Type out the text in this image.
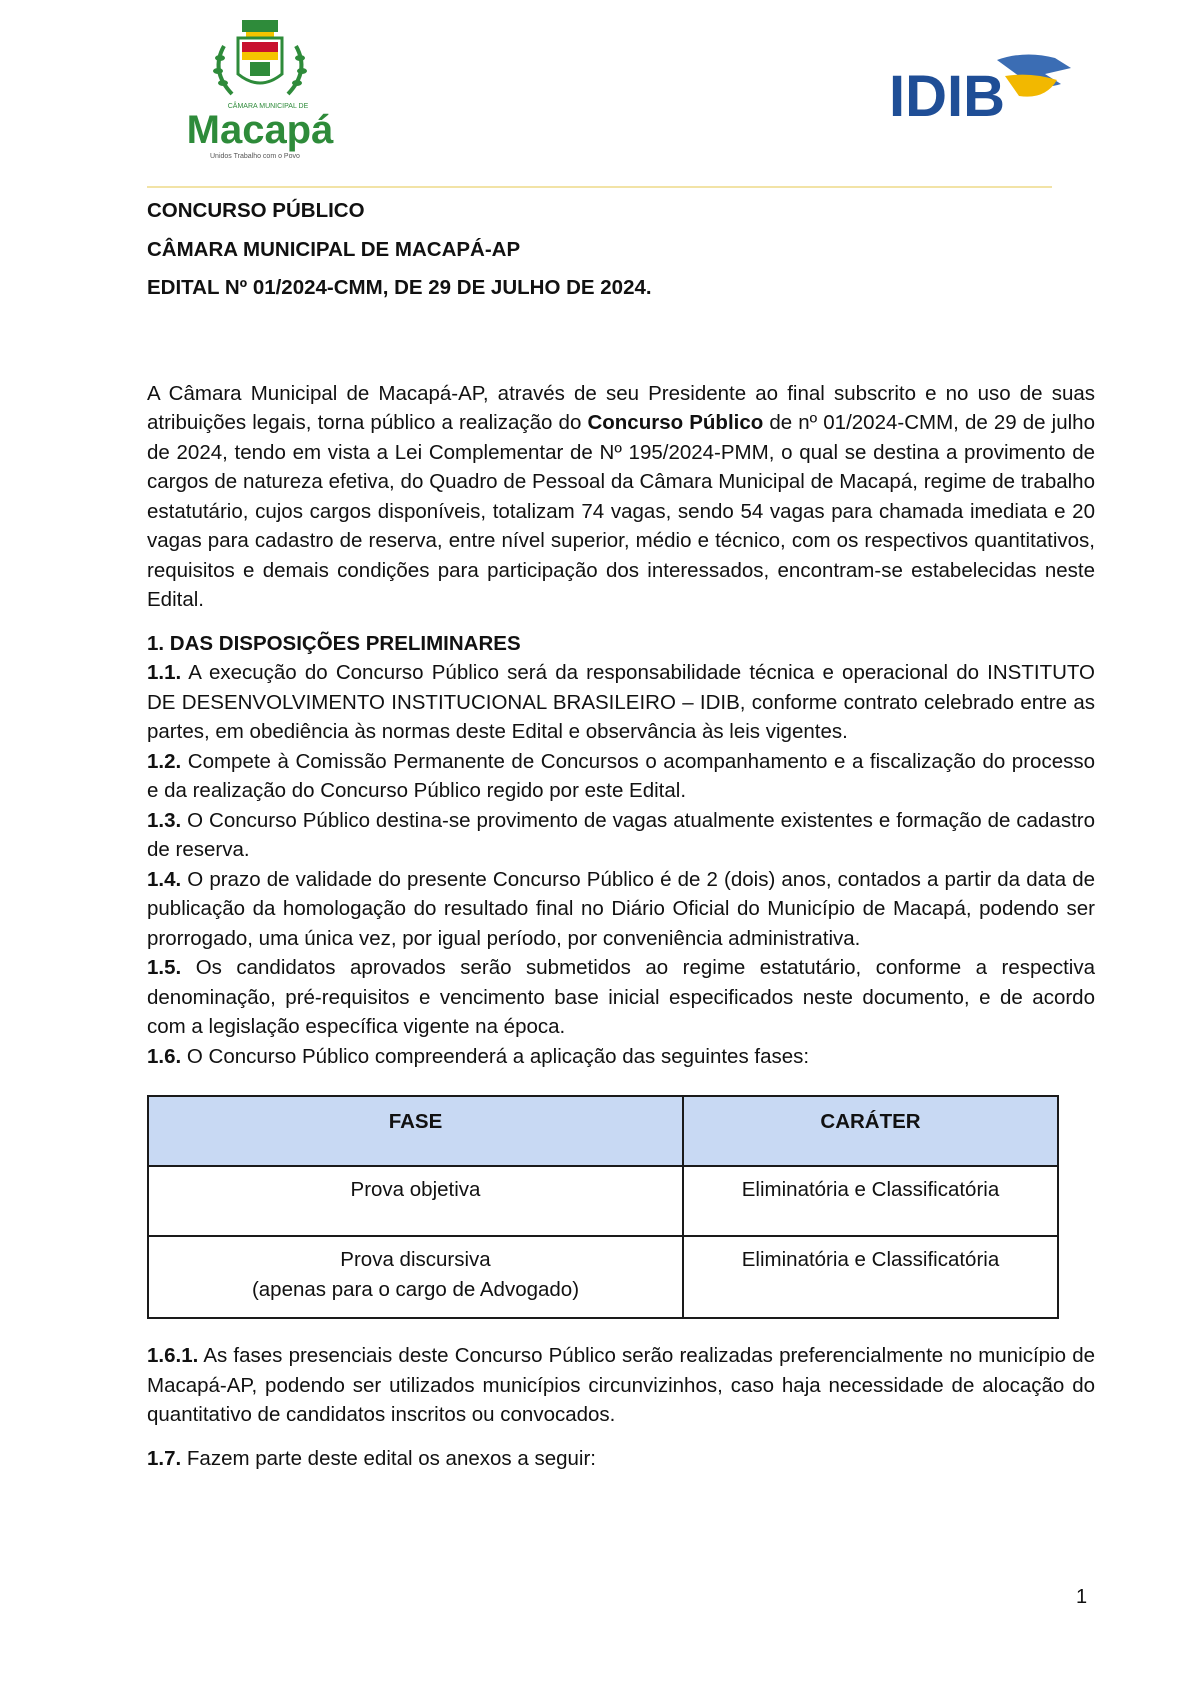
CÂMARA MUNICIPAL DE
Macapá
Unidos Trabalho com o Povo
IDIB
CONCURSO PÚBLICO
CÂMARA MUNICIPAL DE MACAPÁ-AP
EDITAL Nº 01/2024-CMM, DE 29 DE JULHO DE 2024.

A Câmara Municipal de Macapá-AP, através de seu Presidente ao final subscrito e no uso de suas atribuições legais, torna público a realização do Concurso Público de nº 01/2024-CMM, de 29 de julho de 2024, tendo em vista a Lei Complementar de Nº 195/2024-PMM, o qual se destina a provimento de cargos de natureza efetiva, do Quadro de Pessoal da Câmara Municipal de Macapá, regime de trabalho estatutário, cujos cargos disponíveis, totalizam 74 vagas, sendo 54 vagas para chamada imediata e 20 vagas para cadastro de reserva, entre nível superior, médio e técnico, com os respectivos quantitativos, requisitos e demais condições para participação dos interessados, encontram-se estabelecidas neste Edital.

1. DAS DISPOSIÇÕES PRELIMINARES

1.1. A execução do Concurso Público será da responsabilidade técnica e operacional do INSTITUTO DE DESENVOLVIMENTO INSTITUCIONAL BRASILEIRO – IDIB, conforme contrato celebrado entre as partes, em obediência às normas deste Edital e observância às leis vigentes.

1.2. Compete à Comissão Permanente de Concursos o acompanhamento e a fiscalização do processo e da realização do Concurso Público regido por este Edital.

1.3. O Concurso Público destina-se provimento de vagas atualmente existentes e formação de cadastro de reserva.

1.4. O prazo de validade do presente Concurso Público é de 2 (dois) anos, contados a partir da data de publicação da homologação do resultado final no Diário Oficial do Município de Macapá, podendo ser prorrogado, uma única vez, por igual período, por conveniência administrativa.

1.5. Os candidatos aprovados serão submetidos ao regime estatutário, conforme a respectiva denominação, pré-requisitos e vencimento base inicial especificados neste documento, e de acordo com a legislação específica vigente na época.

1.6. O Concurso Público compreenderá a aplicação das seguintes fases:

FASE	CARÁTER
Prova objetiva	Eliminatória e Classificatória
Prova discursiva
(apenas para o cargo de Advogado)	Eliminatória e Classificatória

1.6.1. As fases presenciais deste Concurso Público serão realizadas preferencialmente no município de Macapá-AP, podendo ser utilizados municípios circunvizinhos, caso haja necessidade de alocação do quantitativo de candidatos inscritos ou convocados.

1.7. Fazem parte deste edital os anexos a seguir:

1
